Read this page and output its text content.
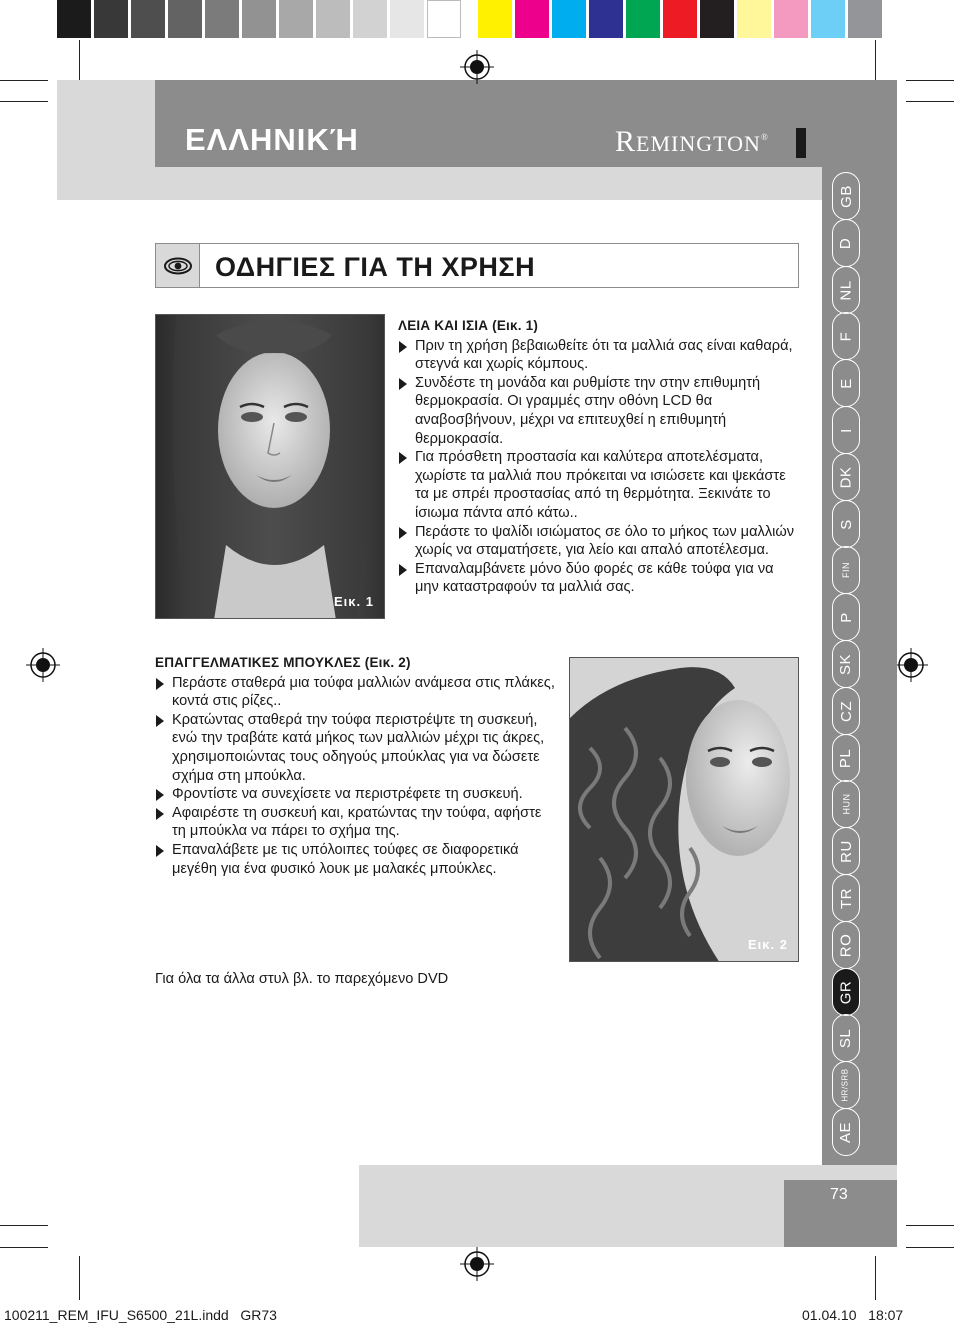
ΕΛΛΗΝΙΚΉ	REMINGTON®
GB
D
NL
F
E
I
DK
S
FIN
P
SK
CZ
PL
HUN
RU
TR
RO
GR
SL
HR/SRB
AE
ΟΔΗΓΙΕΣ ΓΙΑ ΤΗ ΧΡΗΣΗ
Εικ. 1
ΛΕΙΑ ΚΑΙ ΙΣΙΑ (Εικ. 1)
Πριν τη χρήση βεβαιωθείτε ότι τα μαλλιά σας είναι καθαρά, στεγνά και χωρίς κόμπους.
Συνδέστε τη μονάδα και ρυθμίστε την στην επιθυμητή θερμοκρασία. Οι γραμμές στην οθόνη LCD θα αναβοσβήνουν, μέχρι να επιτευχθεί η επιθυμητή θερμοκρασία.
Για πρόσθετη προστασία και καλύτερα αποτελέσματα, χωρίστε τα μαλλιά που πρόκειται να ισιώσετε και ψεκάστε τα με σπρέι προστασίας από τη θερμότητα. Ξεκινάτε το ίσιωμα πάντα από κάτω..
Περάστε το ψαλίδι ισιώματος σε όλο το μήκος των μαλλιών χωρίς να σταματήσετε, για λείο και απαλό αποτέλεσμα.
Επαναλαμβάνετε μόνο δύο φορές σε κάθε τούφα για να μην καταστραφούν τα μαλλιά σας.
ΕΠΑΓΓΕΛΜΑΤΙΚΕΣ ΜΠΟΥΚΛΕΣ (Εικ. 2)
Περάστε σταθερά μια τούφα μαλλιών ανάμεσα στις πλάκες, κοντά στις ρίζες..
Κρατώντας σταθερά την τούφα περιστρέψτε τη συσκευή, ενώ την τραβάτε κατά μήκος των μαλλιών μέχρι τις άκρες, χρησιμοποιώντας τους οδηγούς μπούκλας για να δώσετε σχήμα στη μπούκλα.
Φροντίστε να συνεχίσετε να περιστρέφετε τη συσκευή.
Αφαιρέστε τη συσκευή και, κρατώντας την τούφα, αφήστε τη μπούκλα να πάρει το σχήμα της.
Επαναλάβετε με τις υπόλοιπες τούφες σε διαφορετικά μεγέθη για ένα φυσικό λουκ με μαλακές μπούκλες.
Για όλα τα άλλα στυλ βλ. το παρεχόμενο DVD
Εικ. 2
73
100211_REM_IFU_S6500_21L.indd   GR73	01.04.10   18:07
